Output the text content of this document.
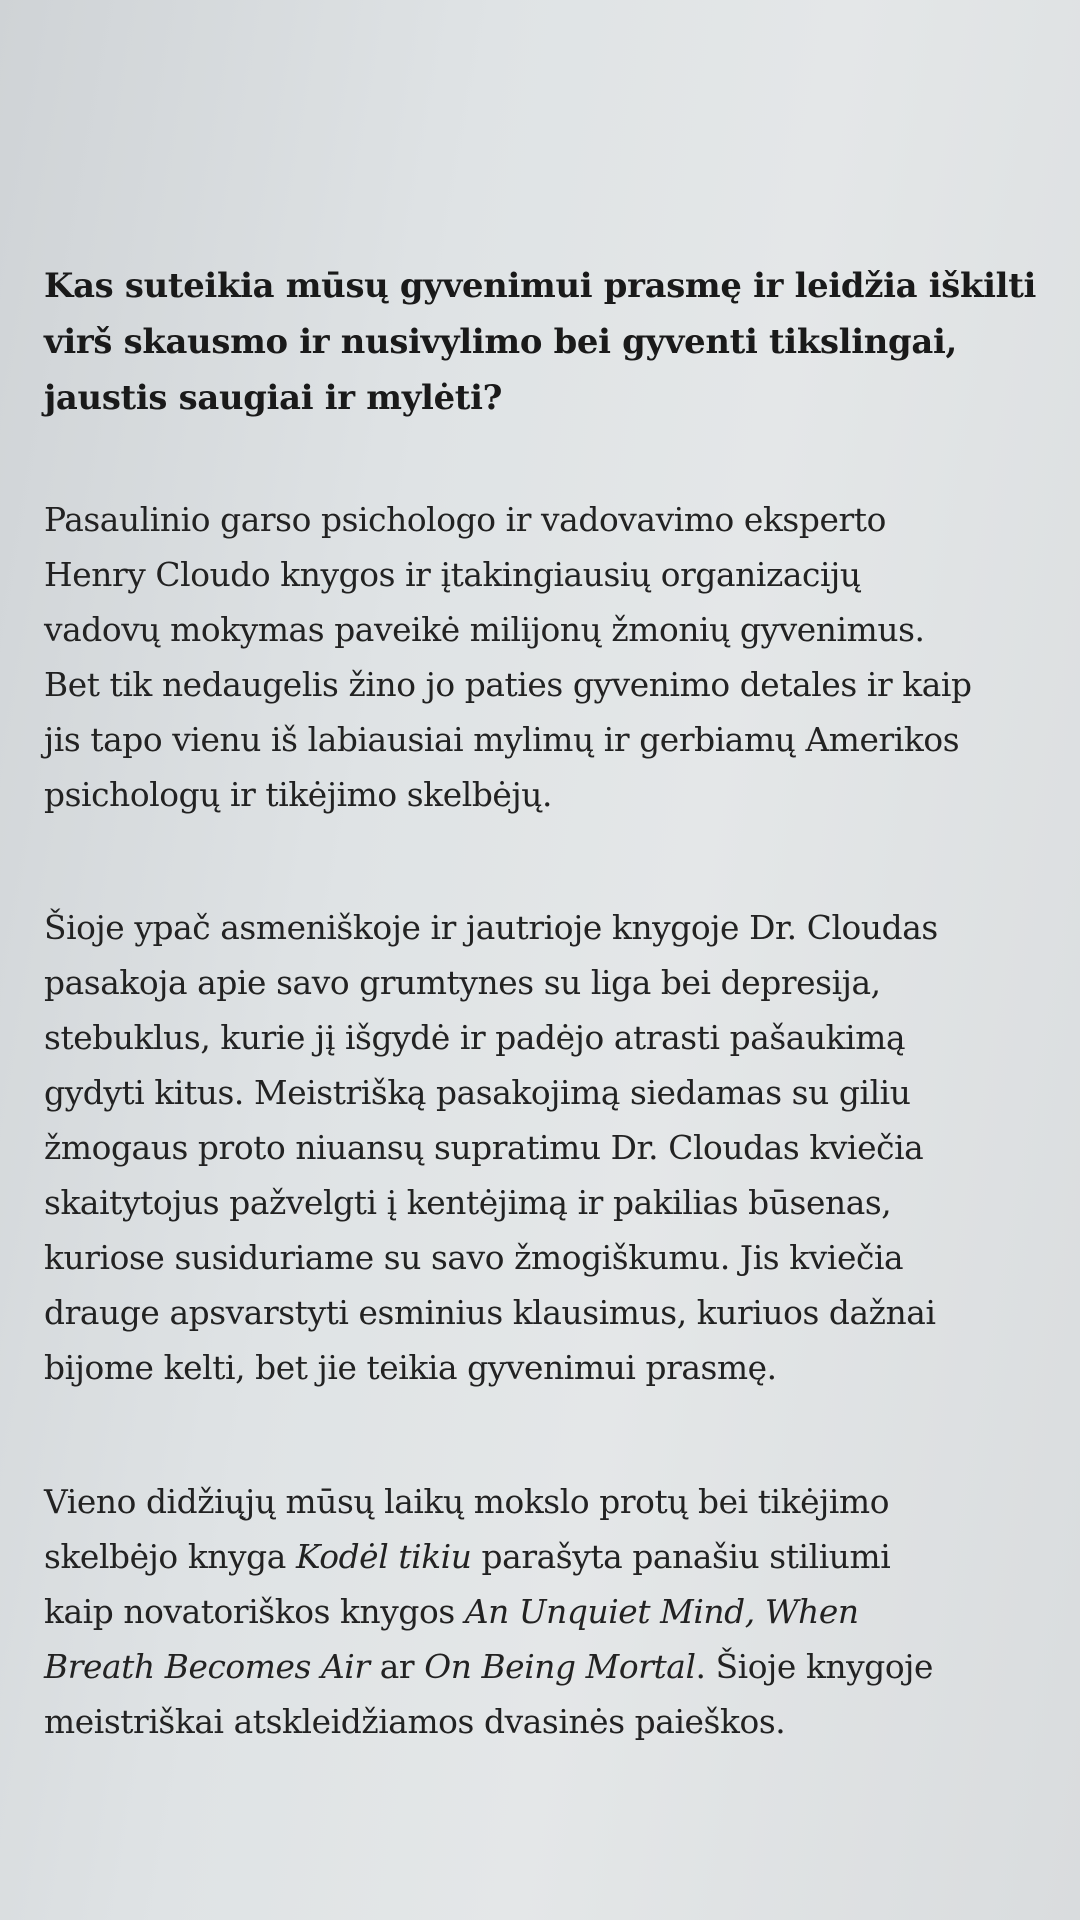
Kas suteikia mūsų gyvenimui prasmę ir leidžia iškilti
virš skausmo ir nusivylimo bei gyventi tikslingai,
jaustis saugiai ir mylėti?

Pasaulinio garso psichologo ir vadovavimo eksperto
Henry Cloudo knygos ir įtakingiausių organizacijų
vadovų mokymas paveikė milijonų žmonių gyvenimus.
Bet tik nedaugelis žino jo paties gyvenimo detales ir kaip
jis tapo vienu iš labiausiai mylimų ir gerbiamų Amerikos
psichologų ir tikėjimo skelbėjų.

Šioje ypač asmeniškoje ir jautrioje knygoje Dr. Cloudas
pasakoja apie savo grumtynes su liga bei depresija,
stebuklus, kurie jį išgydė ir padėjo atrasti pašaukimą
gydyti kitus. Meistrišką pasakojimą siedamas su giliu
žmogaus proto niuansų supratimu Dr. Cloudas kviečia
skaitytojus pažvelgti į kentėjimą ir pakilias būsenas,
kuriose susiduriame su savo žmogiškumu. Jis kviečia
drauge apsvarstyti esminius klausimus, kuriuos dažnai
bijome kelti, bet jie teikia gyvenimui prasmę.

Vieno didžiųjų mūsų laikų mokslo protų bei tikėjimo
skelbėjo knyga Kodėl tikiu parašyta panašiu stiliumi
kaip novatoriškos knygos An Unquiet Mind, When
Breath Becomes Air ar On Being Mortal. Šioje knygoje
meistriškai atskleidžiamos dvasinės paieškos.
